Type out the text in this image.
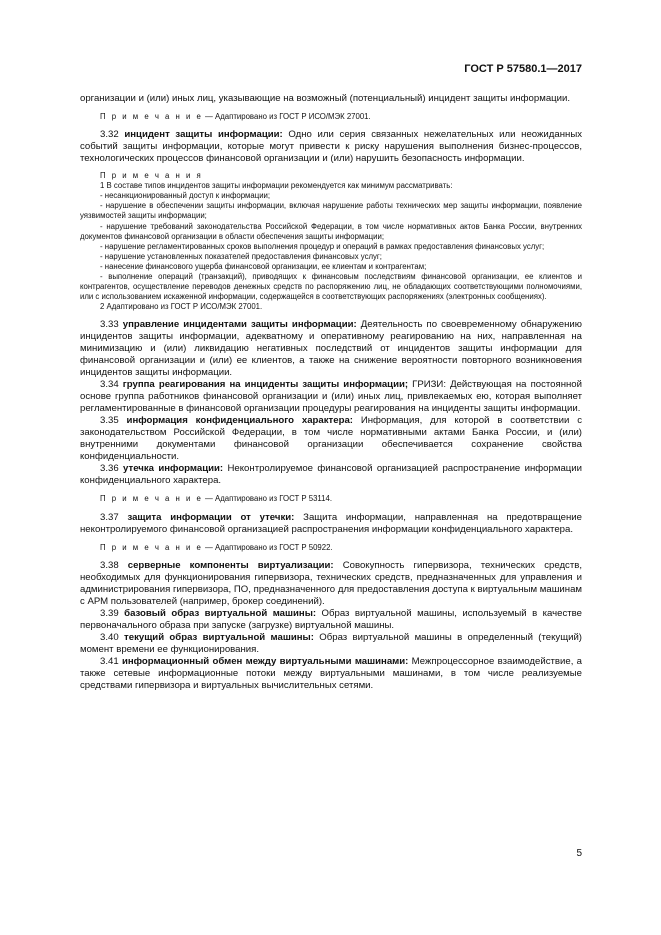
ГОСТ Р 57580.1—2017

организации и (или) иных лиц, указывающие на возможный (потенциальный) инцидент защиты информации.

П р и м е ч а н и е — Адаптировано из ГОСТ Р ИСО/МЭК 27001.

3.32 инцидент защиты информации: Одно или серия связанных нежелательных или неожиданных событий защиты информации, которые могут привести к риску нарушения выполнения бизнес-процессов, технологических процессов финансовой организации и (или) нарушить безопасность информации.

П р и м е ч а н и я

1 В составе типов инцидентов защиты информации рекомендуется как минимум рассматривать:

- несанкционированный доступ к информации;

- нарушение в обеспечении защиты информации, включая нарушение работы технических мер защиты информации, появление уязвимостей защиты информации;

- нарушение требований законодательства Российской Федерации, в том числе нормативных актов Банка России, внутренних документов финансовой организации в области обеспечения защиты информации;

- нарушение регламентированных сроков выполнения процедур и операций в рамках предоставления финансовых услуг;

- нарушение установленных показателей предоставления финансовых услуг;

- нанесение финансового ущерба финансовой организации, ее клиентам и контрагентам;

- выполнение операций (транзакций), приводящих к финансовым последствиям финансовой организации, ее клиентов и контрагентов, осуществление переводов денежных средств по распоряжению лиц, не обладающих соответствующими полномочиями, или с использованием искаженной информации, содержащейся в соответствующих распоряжениях (электронных сообщениях).

2 Адаптировано из ГОСТ Р ИСО/МЭК 27001.

3.33 управление инцидентами защиты информации: Деятельность по своевременному обнаружению инцидентов защиты информации, адекватному и оперативному реагированию на них, направленная на минимизацию и (или) ликвидацию негативных последствий от инцидентов защиты информации для финансовой организации и (или) ее клиентов, а также на снижение вероятности повторного возникновения инцидентов защиты информации.

3.34 группа реагирования на инциденты защиты информации; ГРИЗИ: Действующая на постоянной основе группа работников финансовой организации и (или) иных лиц, привлекаемых ею, которая выполняет регламентированные в финансовой организации процедуры реагирования на инциденты защиты информации.

3.35 информация конфиденциального характера: Информация, для которой в соответствии с законодательством Российской Федерации, в том числе нормативными актами Банка России, и (или) внутренними документами финансовой организации обеспечивается сохранение свойства конфиденциальности.

3.36 утечка информации: Неконтролируемое финансовой организацией распространение информации конфиденциального характера.

П р и м е ч а н и е — Адаптировано из ГОСТ Р 53114.

3.37 защита информации от утечки: Защита информации, направленная на предотвращение неконтролируемого финансовой организацией распространения информации конфиденциального характера.

П р и м е ч а н и е — Адаптировано из ГОСТ Р 50922.

3.38 серверные компоненты виртуализации: Совокупность гипервизора, технических средств, необходимых для функционирования гипервизора, технических средств, предназначенных для управления и администрирования гипервизора, ПО, предназначенного для предоставления доступа к виртуальным машинам с АРМ пользователей (например, брокер соединений).

3.39 базовый образ виртуальной машины: Образ виртуальной машины, используемый в качестве первоначального образа при запуске (загрузке) виртуальной машины.

3.40 текущий образ виртуальной машины: Образ виртуальной машины в определенный (текущий) момент времени ее функционирования.

3.41 информационный обмен между виртуальными машинами: Межпроцессорное взаимодействие, а также сетевые информационные потоки между виртуальными машинами, в том числе реализуемые средствами гипервизора и виртуальных вычислительных сетями.

5
